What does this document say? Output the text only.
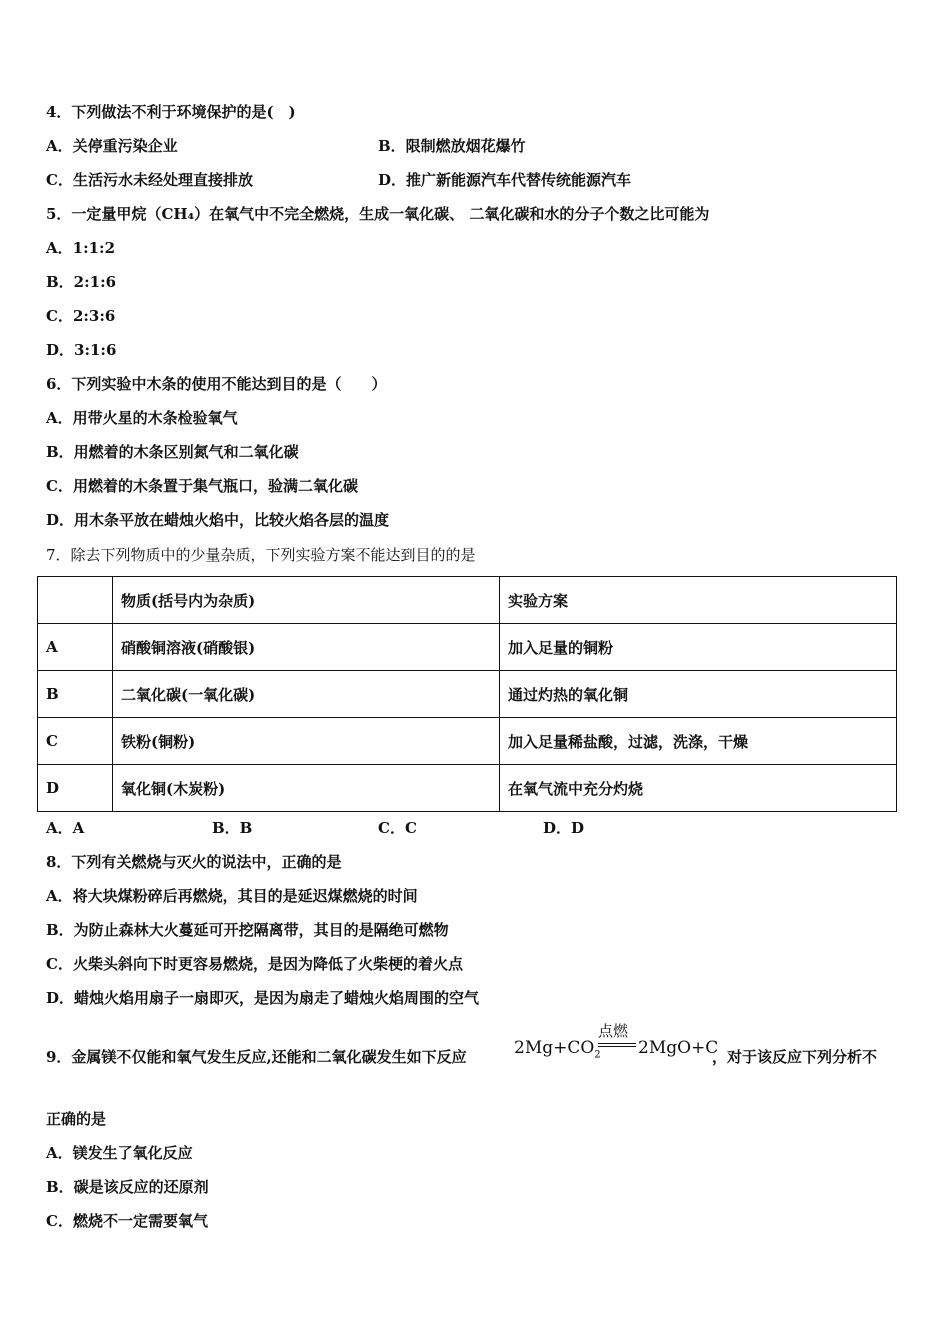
4．下列做法不利于环境保护的是(　)
A．关停重污染企业	B．限制燃放烟花爆竹
C．生活污水未经处理直接排放	D．推广新能源汽车代替传统能源汽车
5．一定量甲烷（CH₄）在氧气中不完全燃烧，生成一氧化碳、 二氧化碳和水的分子个数之比可能为
A．1:1:2
B．2:1:6
C．2:3:6
D．3:1:6
6．下列实验中木条的使用不能达到目的是（　　）
A．用带火星的木条检验氧气
B．用燃着的木条区别氮气和二氧化碳
C．用燃着的木条置于集气瓶口，验满二氧化碳
D．用木条平放在蜡烛火焰中，比较火焰各层的温度
7．除去下列物质中的少量杂质，下列实验方案不能达到目的的是
	物质(括号内为杂质)	实验方案
A	硝酸铜溶液(硝酸银)	加入足量的铜粉
B	二氧化碳(一氧化碳)	通过灼热的氧化铜
C	铁粉(铜粉)	加入足量稀盐酸，过滤，洗涤，干燥
D	氧化铜(木炭粉)	在氧气流中充分灼烧
A．A	B．B	C．C	D．D
8．下列有关燃烧与灭火的说法中，正确的是
A．将大块煤粉碎后再燃烧，其目的是延迟煤燃烧的时间
B．为防止森林大火蔓延可开挖隔离带，其目的是隔绝可燃物
C．火柴头斜向下时更容易燃烧，是因为降低了火柴梗的着火点
D．蜡烛火焰用扇子一扇即灭，是因为扇走了蜡烛火焰周围的空气
9．金属镁不仅能和氧气发生反应,还能和二氧化碳发生如下反应	$2Mg+CO_2$
点燃
2MgO+C
，对于该反应下列分析不
正确的是
A．镁发生了氧化反应
B．碳是该反应的还原剂
C．燃烧不一定需要氧气
